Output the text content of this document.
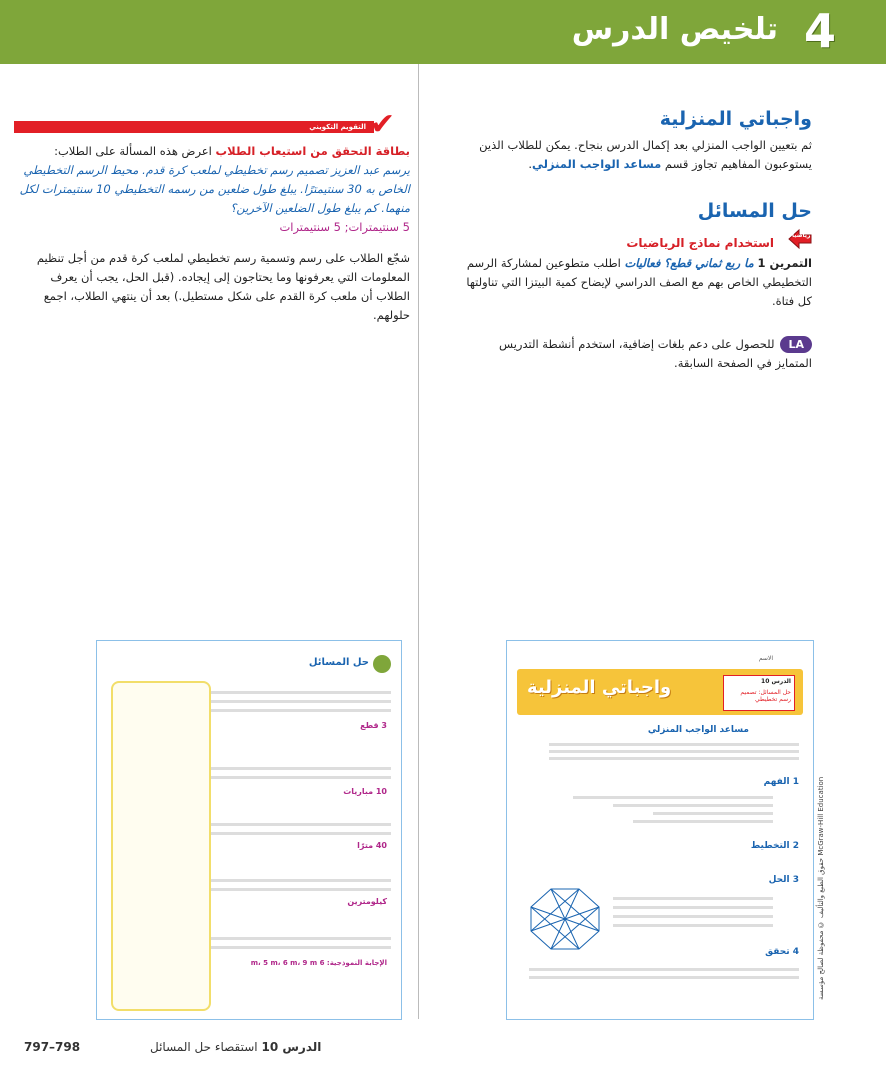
4
تلخيص الدرس
واجباتي المنزلية
ثم بتعيين الواجب المنزلي بعد إكمال الدرس بنجاح. يمكن للطلاب الذين يستوعبون المفاهيم تجاوز قسم مساعد الواجب المنزلي.
حل المسائل
استخدام نماذج الرياضيات
التمرين 1 ما ربع ثماني قطع؟ فعاليات اطلب متطوعين لمشاركة الرسم التخطيطي الخاص بهم مع الصف الدراسي لإيضاح كمية البيتزا التي تناولتها كل فتاة.
LAللحصول على دعم بلغات إضافية، استخدم أنشطة التدريس المتمايز في الصفحة السابقة.
رياضيات
التقويم التكويني ✔
بطاقة التحقق من استيعاب الطلاب اعرض هذه المسألة على الطلاب:
يرسم عبد العزيز تصميم رسم تخطيطي لملعب كرة قدم. محيط الرسم التخطيطي الخاص به 30 سنتيمترًا. يبلغ طول ضلعين من رسمه التخطيطي 10 سنتيمترات لكل منهما. كم يبلغ طول الضلعين الآخرين؟
5 سنتيمترات; 5 سنتيمترات
شجّع الطلاب على رسم وتسمية رسم تخطيطي لملعب كرة قدم من أجل تنظيم المعلومات التي يعرفونها وما يحتاجون إلى إيجاده. (قبل الحل، يجب أن يعرف الطلاب أن ملعب كرة القدم على شكل مستطيل.) بعد أن ينتهي الطلاب، اجمع حلولهم.
الاسم
واجباتي المنزلية	الدرس 10
حل المسائل: تصميم رسم تخطيطي
مساعد الواجب المنزلي
1 الفهم
2 التخطيط
3 الحل
4 تحقق	حقوق الطبع والتأليف © محفوظة لصالح مؤسسة McGraw-Hill Education
حل المسائل
3 قطع
10 مباريات
40 مترًا
كيلومترين
الإجابة النموذجية: 6 m، 5 m، 6 m، 9 m
797–798	الدرس 10 استقصاء حل المسائل
